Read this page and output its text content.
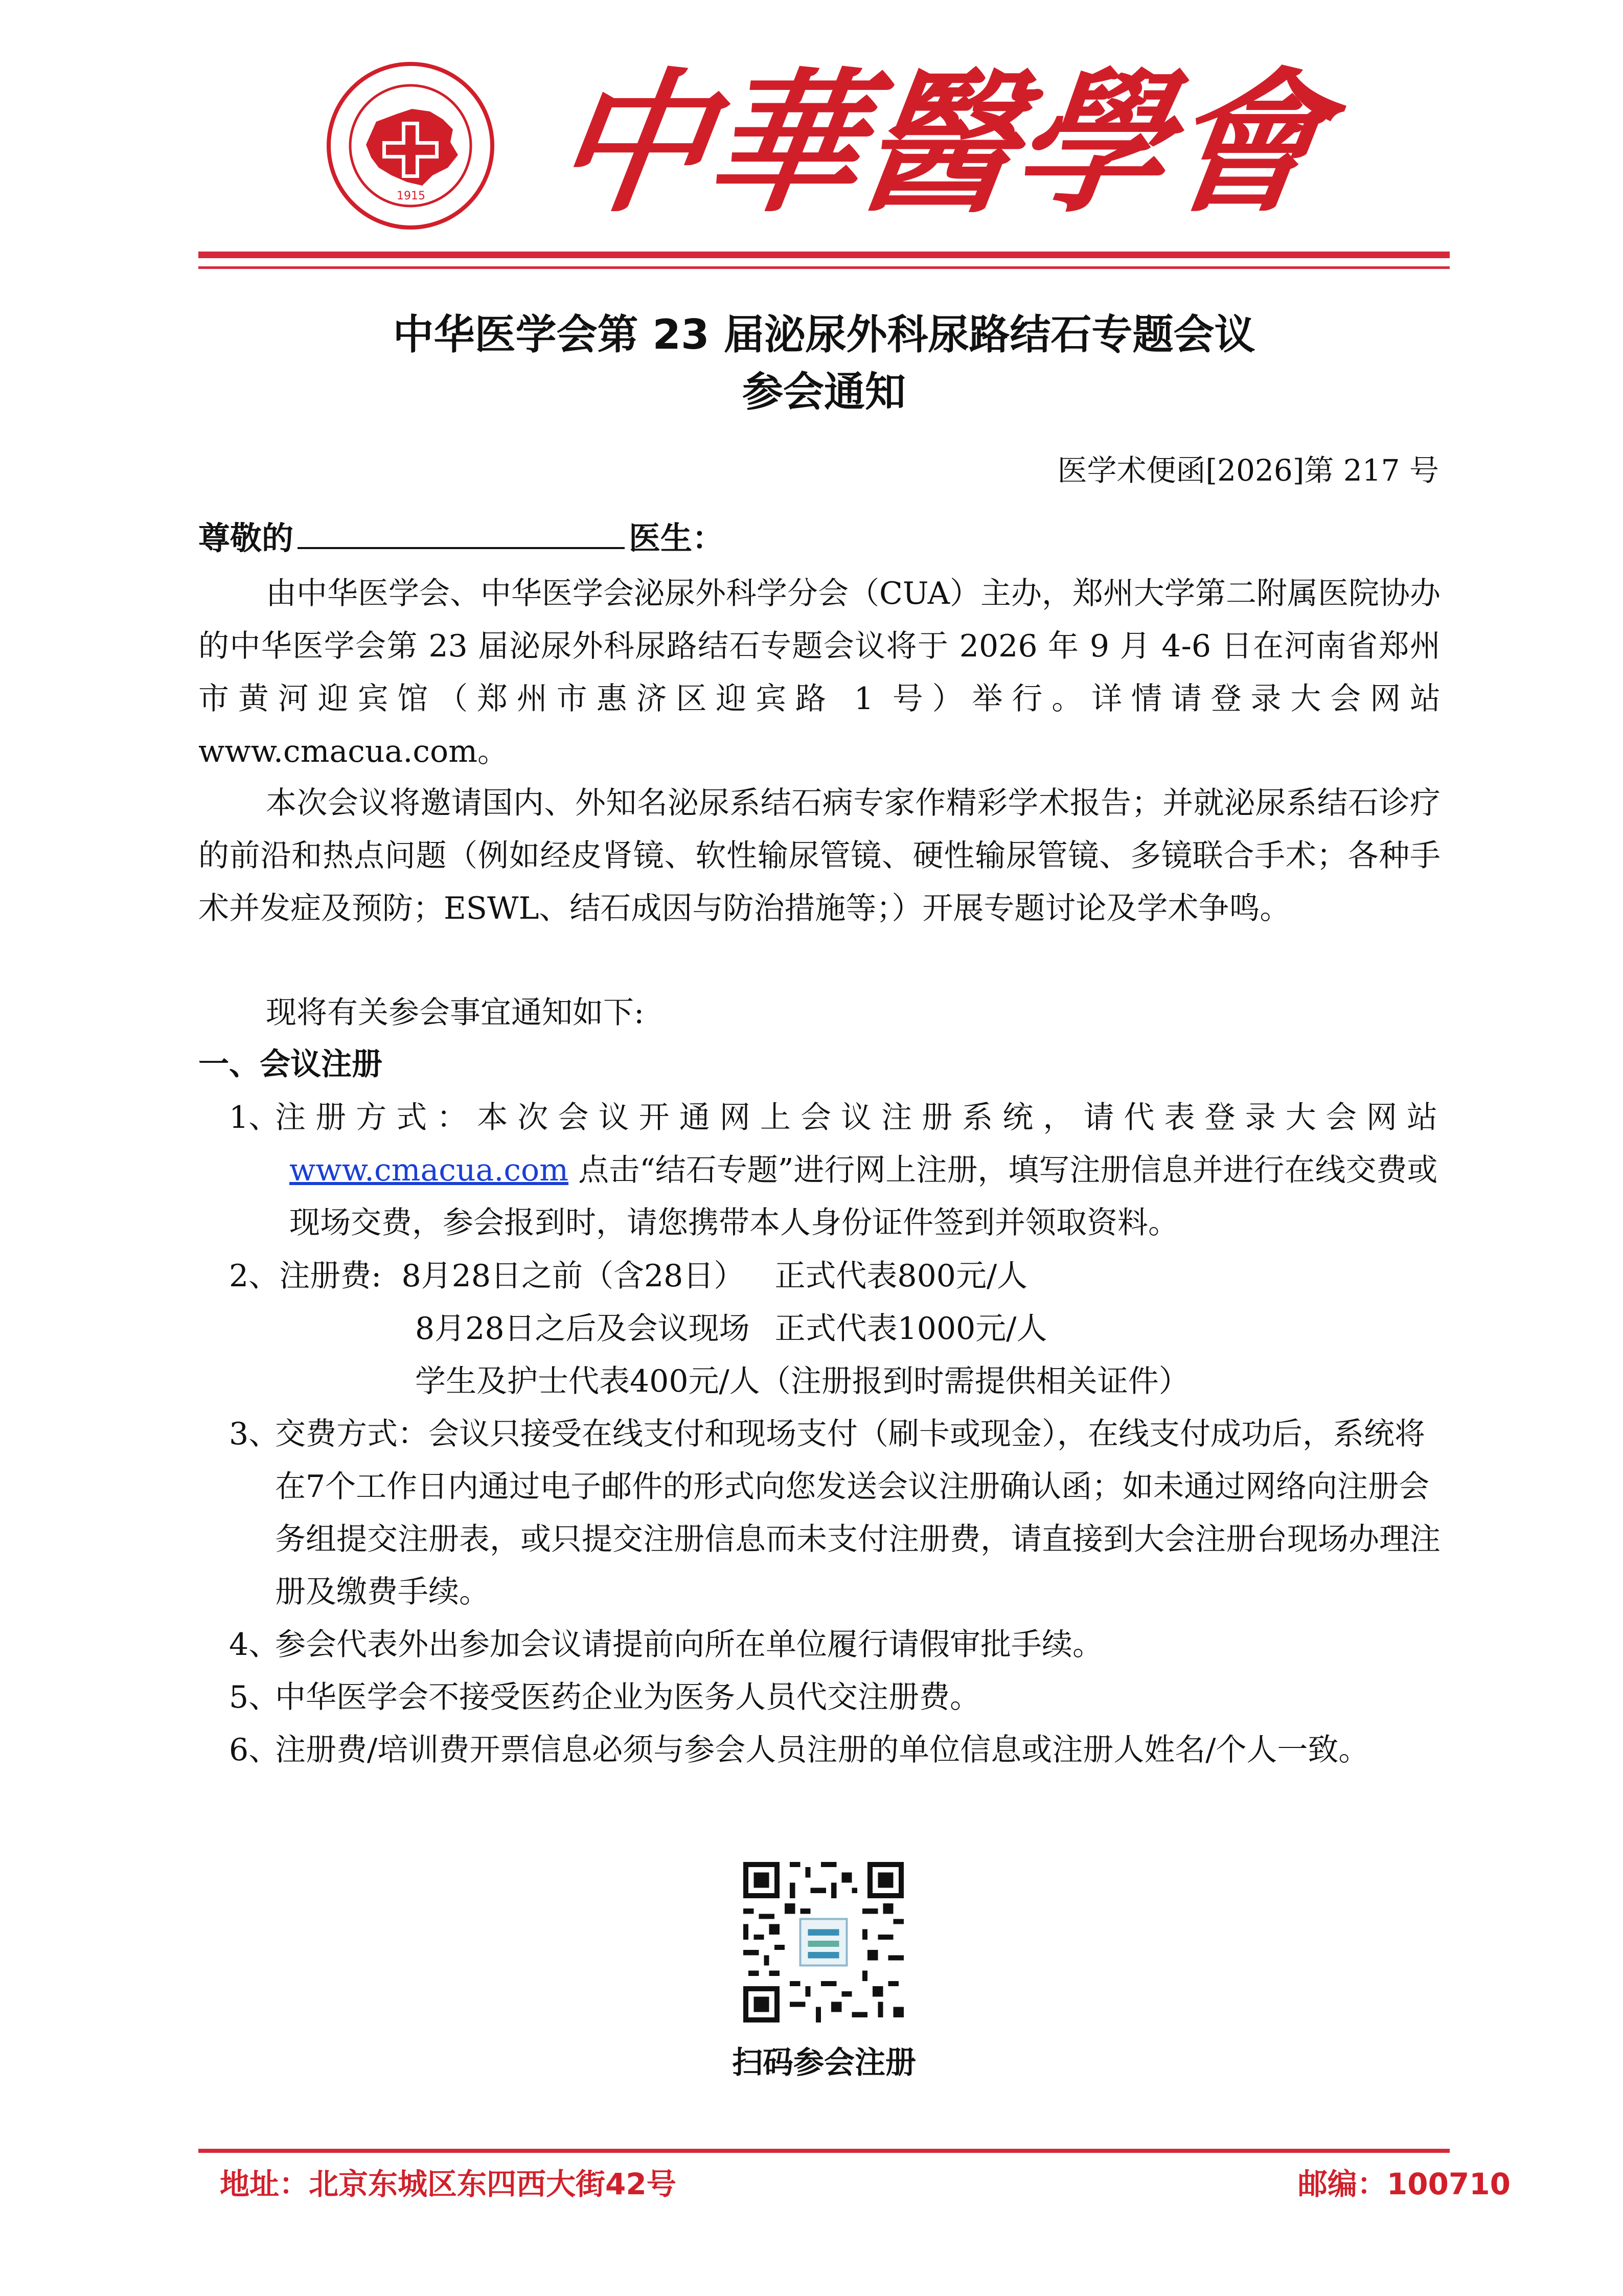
1915 中華醫學會
中华医学会第 23 届泌尿外科尿路结石专题会议
参会通知
医学术便函[2026]第 217 号
尊敬的	医生：
由中华医学会、中华医学会泌尿外科学分会（CUA）主办，郑州大学第二附属医院协办的中华医学会第 23 届泌尿外科尿路结石专题会议将于 2026 年 9 月 4-6 日在河南省郑州市黄河迎宾馆（郑州市惠济区迎宾路 1 号）举行。详情请登录大会网站 www.cmacua.com。
本次会议将邀请国内、外知名泌尿系结石病专家作精彩学术报告；并就泌尿系结石诊疗的前沿和热点问题（例如经皮肾镜、软性输尿管镜、硬性输尿管镜、多镜联合手术；各种手术并发症及预防；ESWL、结石成因与防治措施等；）开展专题讨论及学术争鸣。
现将有关参会事宜通知如下:
一、会议注册
1、
注 册 方 式 ： 本 次 会 议 开 通 网 上 会 议 注 册 系 统 ， 请 代 表 登 录 大 会 网 站
www.cmacua.com 点击“结石专题”进行网上注册，填写注册信息并进行在线交费或现场交费，参会报到时，请您携带本人身份证件签到并领取资料。
2、注册费: 8月28日之前（含28日） 正式代表800元/人
8月28日之后及会议现场 正式代表1000元/人
学生及护士代表400元/人（注册报到时需提供相关证件）
3、
交费方式：会议只接受在线支付和现场支付（刷卡或现金），在线支付成功后，系统将在7个工作日内通过电子邮件的形式向您发送会议注册确认函；如未通过网络向注册会务组提交注册表，或只提交注册信息而未支付注册费，请直接到大会注册台现场办理注册及缴费手续。
4、
参会代表外出参加会议请提前向所在单位履行请假审批手续。
5、
中华医学会不接受医药企业为医务人员代交注册费。
6、
注册费/培训费开票信息必须与参会人员注册的单位信息或注册人姓名/个人一致。
扫码参会注册
地址：北京东城区东四西大街42号	邮编：100710
